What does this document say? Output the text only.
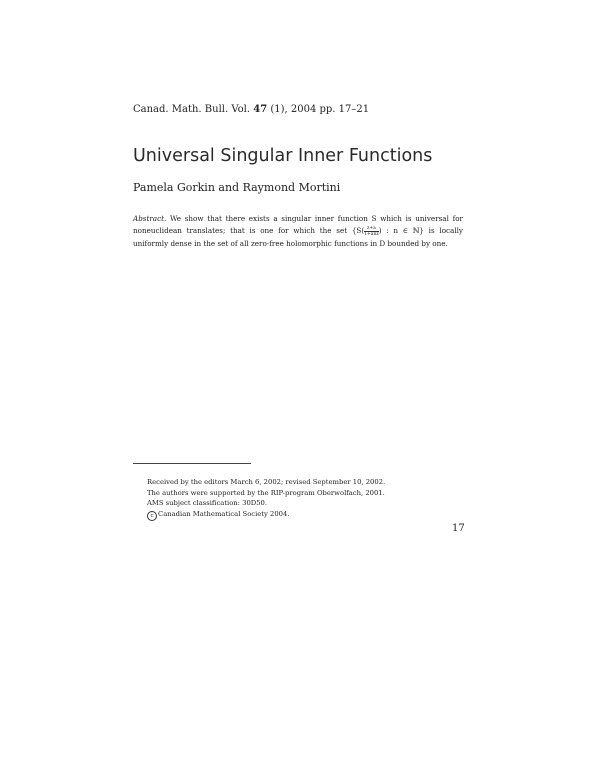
Canad. Math. Bull. Vol. 47 (1), 2004 pp. 17–21
Universal Singular Inner Functions
Pamela Gorkin and Raymond Mortini
Abstract. We show that there exists a singular inner function S which is universal for noneuclidean translates; that is one for which the set {$S( \frac{z+a}{\text{1+ānz}}$ ) : n ∈ ℕ} is locally uniformly dense in the set of all zero-free holomorphic functions in D bounded by one.
Received by the editors March 6, 2002; revised September 10, 2002.
The authors were supported by the RIP-program Oberwolfach, 2001.
AMS subject classification: 30D50.
c Canadian Mathematical Society 2004.
17
